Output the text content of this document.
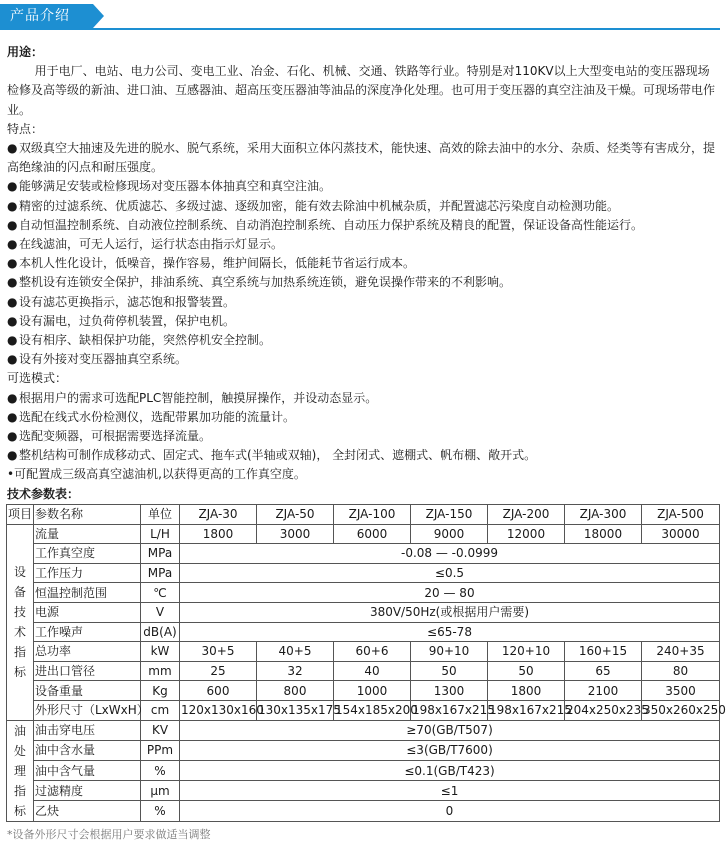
产品介绍
用途：
用于电厂、电站、电力公司、变电工业、冶金、石化、机械、交通、铁路等行业。特别是对110KV以上大型变电站的变压器现场检修及高等级的新油、进口油、互感器油、超高压变压器油等油品的深度净化处理。也可用于变压器的真空注油及干燥。可现场带电作业。
特点：
● 双级真空大抽速及先进的脱水、脱气系统，采用大面积立体闪蒸技术，能快速、高效的除去油中的水分、杂质、烃类等有害成分，提高绝缘油的闪点和耐压强度。
● 能够满足安装或检修现场对变压器本体抽真空和真空注油。
● 精密的过滤系统、优质滤芯、多级过滤、逐级加密，能有效去除油中机械杂质，并配置滤芯污染度自动检测功能。
● 自动恒温控制系统、自动液位控制系统、自动消泡控制系统、自动压力保护系统及精良的配置，保证设备高性能运行。
● 在线滤油，可无人运行，运行状态由指示灯显示。
● 本机人性化设计，低噪音，操作容易，维护间隔长，低能耗节省运行成本。
● 整机设有连锁安全保护，排油系统、真空系统与加热系统连锁，避免误操作带来的不利影响。
● 设有滤芯更换指示，滤芯饱和报警装置。
● 设有漏电，过负荷停机装置，保护电机。
● 设有相序、缺相保护功能，突然停机安全控制。
● 设有外接对变压器抽真空系统。
可选模式：
● 根据用户的需求可选配PLC智能控制，触摸屏操作，并设动态显示。
● 选配在线式水份检测仪，选配带累加功能的流量计。
● 选配变频器，可根据需要选择流量。
● 整机结构可制作成移动式、固定式、拖车式(半轴或双轴)， 全封闭式、遮棚式、帆布棚、敞开式。
•可配置成三级高真空滤油机,以获得更高的工作真空度。
技术参数表：
项目	参数名称	单位	ZJA-30	ZJA-50	ZJA-100	ZJA-150	ZJA-200	ZJA-300	ZJA-500
设备技术指标	流量	L/H	1800	3000	6000	9000	12000	18000	30000
	工作真空度	MPa	-0.08 — -0.0999						
	工作压力	MPa	≤0.5						
	恒温控制范围	℃	20 — 80						
	电源	V	380V/50Hz(或根据用户需要)						
	工作噪声	dB(A)	≤65-78						
	总功率	kW	30+5	40+5	60+6	90+10	120+10	160+15	240+35
	进出口管径	mm	25	32	40	50	50	65	80
	设备重量	Kg	600	800	1000	1300	1800	2100	3500
	外形尺寸（LxWxH）	cm	120x130x160	130x135x175	154x185x200	198x167x215	198x167x215	204x250x235	350x260x250
油处理指标	油击穿电压	KV	≥70(GB/T507)						
	油中含水量	PPm	≤3(GB/T7600)						
	油中含气量	%	≤0.1(GB/T423)						
	过滤精度	μm	≤1						
	乙炔	%	0						
*设备外形尺寸会根据用户要求做适当调整
